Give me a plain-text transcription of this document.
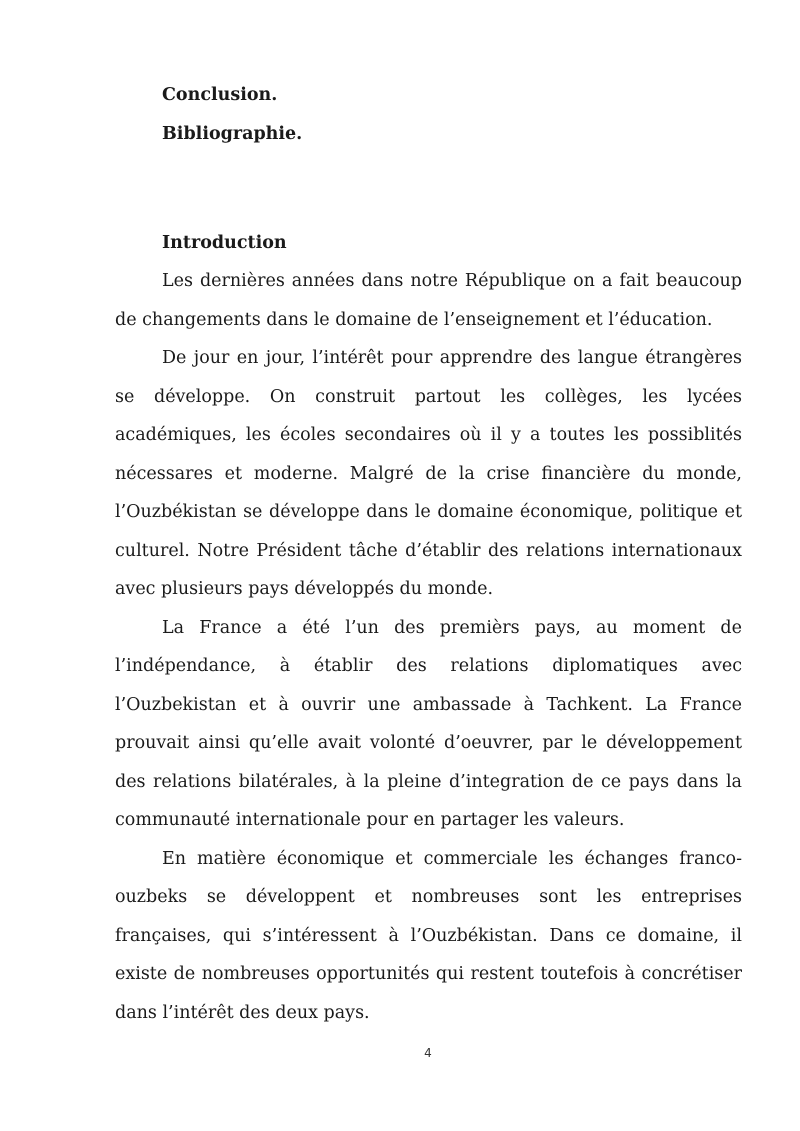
Conclusion.
Bibliographie.
Introduction

Les dernières années dans notre République on a fait beaucoup de changements dans le domaine de l’enseignement et l’éducation.

De jour en jour, l’intérêt pour apprendre des langue étrangères se développe. On construit partout les collèges, les lycées académiques, les écoles secondaires où il y a toutes les possiblités nécessares et moderne. Malgré de la crise financière du monde, l’Ouzbékistan se développe dans le domaine économique, politique et culturel. Notre Président tâche d’établir des relations internationaux avec plusieurs pays développés du monde.

La France a été l’un des premièrs pays, au moment de l’indépendance, à établir des relations diplomatiques avec l’Ouzbekistan et à ouvrir une ambassade à Tachkent. La France prouvait ainsi qu’elle avait volonté d’oeuvrer, par le développement des relations bilatérales, à la pleine d’integration de ce pays dans la communauté internationale pour en partager les valeurs.

En matière économique et commerciale les échanges franco-ouzbeks se développent et nombreuses sont les entreprises françaises, qui s’intéressent à l’Ouzbékistan. Dans ce domaine, il existe de nombreuses opportunités qui restent toutefois à concrétiser dans l’intérêt des deux pays.

4
